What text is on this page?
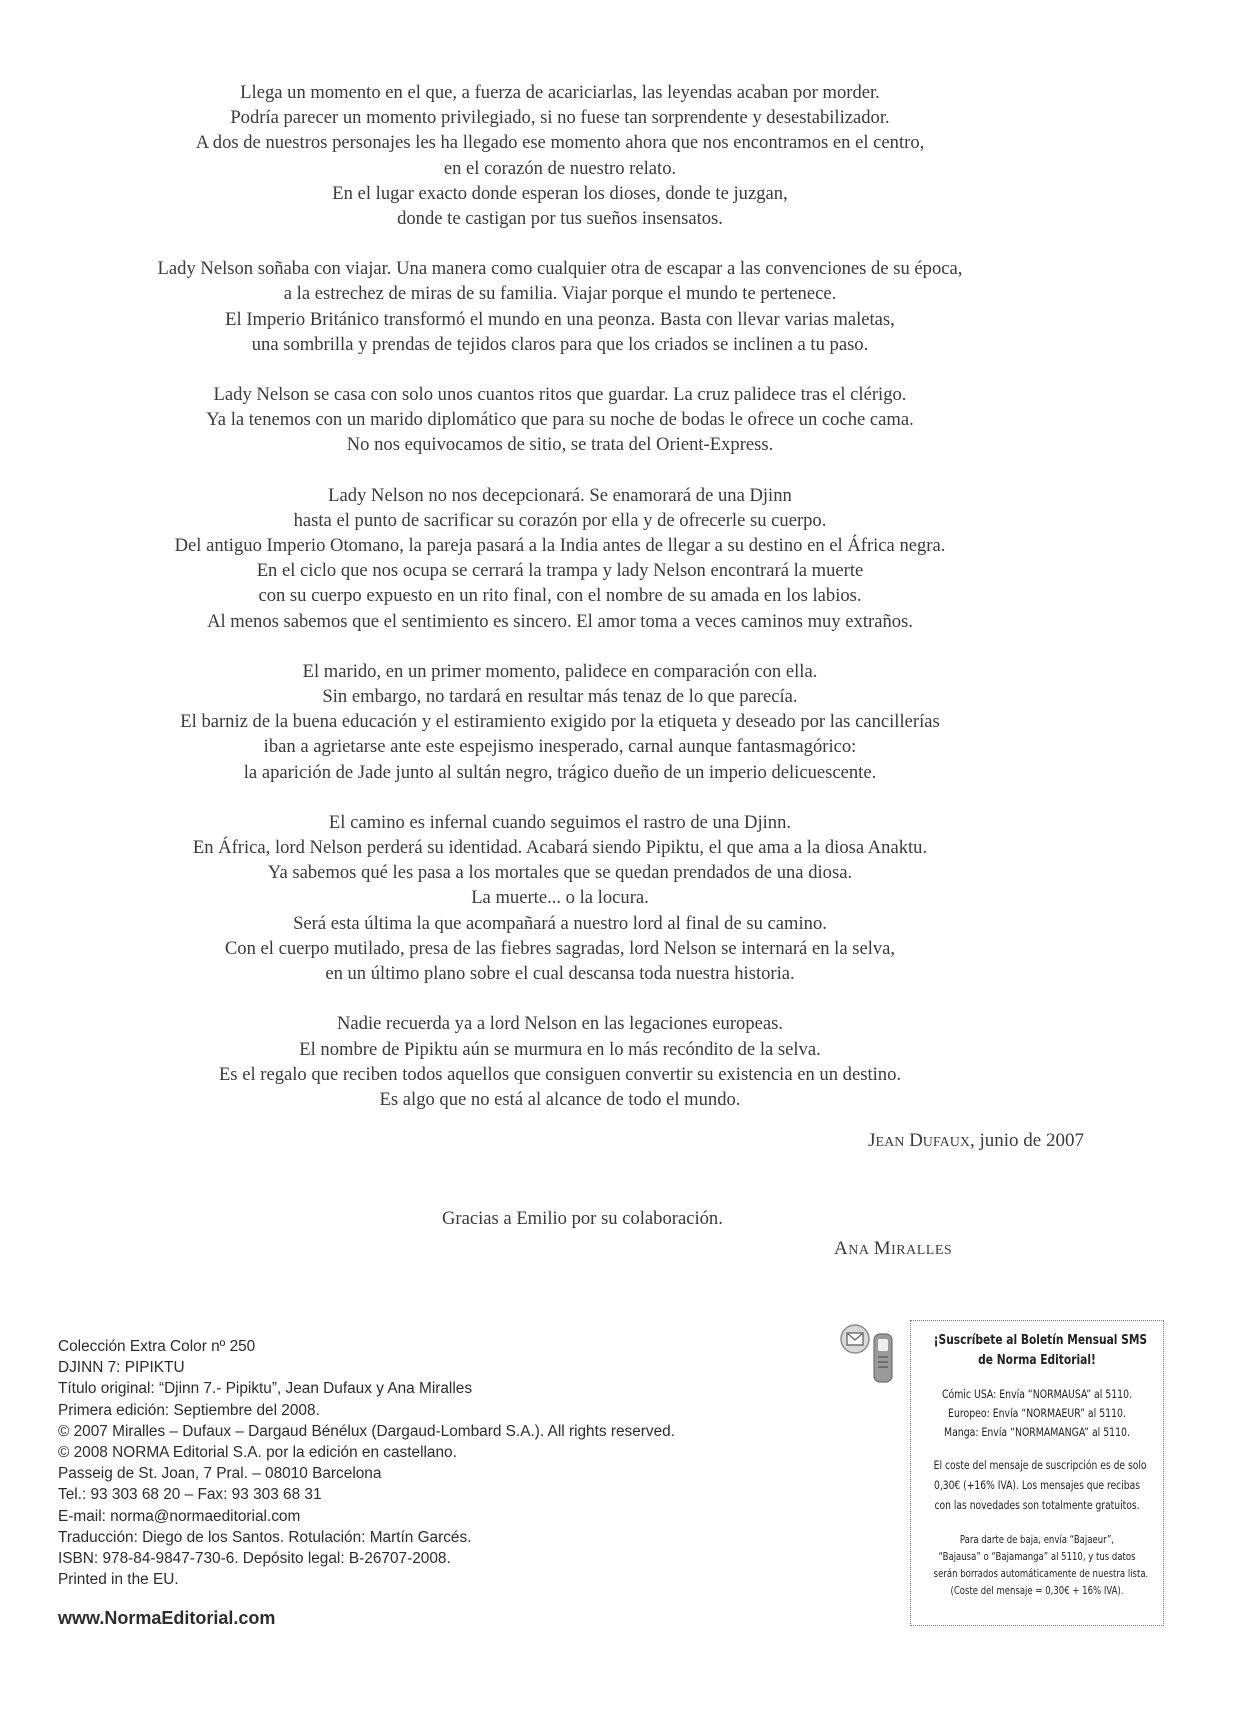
Llega un momento en el que, a fuerza de acariciarlas, las leyendas acaban por morder.
Podría parecer un momento privilegiado, si no fuese tan sorprendente y desestabilizador.
A dos de nuestros personajes les ha llegado ese momento ahora que nos encontramos en el centro,
en el corazón de nuestro relato.
En el lugar exacto donde esperan los dioses, donde te juzgan,
donde te castigan por tus sueños insensatos.
Lady Nelson soñaba con viajar. Una manera como cualquier otra de escapar a las convenciones de su época,
a la estrechez de miras de su familia. Viajar porque el mundo te pertenece.
El Imperio Británico transformó el mundo en una peonza. Basta con llevar varias maletas,
una sombrilla y prendas de tejidos claros para que los criados se inclinen a tu paso.
Lady Nelson se casa con solo unos cuantos ritos que guardar. La cruz palidece tras el clérigo.
Ya la tenemos con un marido diplomático que para su noche de bodas le ofrece un coche cama.
No nos equivocamos de sitio, se trata del Orient-Express.
Lady Nelson no nos decepcionará. Se enamorará de una Djinn
hasta el punto de sacrificar su corazón por ella y de ofrecerle su cuerpo.
Del antiguo Imperio Otomano, la pareja pasará a la India antes de llegar a su destino en el África negra.
En el ciclo que nos ocupa se cerrará la trampa y lady Nelson encontrará la muerte
con su cuerpo expuesto en un rito final, con el nombre de su amada en los labios.
Al menos sabemos que el sentimiento es sincero. El amor toma a veces caminos muy extraños.
El marido, en un primer momento, palidece en comparación con ella.
Sin embargo, no tardará en resultar más tenaz de lo que parecía.
El barniz de la buena educación y el estiramiento exigido por la etiqueta y deseado por las cancillerías
iban a agrietarse ante este espejismo inesperado, carnal aunque fantasmagórico:
la aparición de Jade junto al sultán negro, trágico dueño de un imperio delicuescente.
El camino es infernal cuando seguimos el rastro de una Djinn.
En África, lord Nelson perderá su identidad. Acabará siendo Pipiktu, el que ama a la diosa Anaktu.
Ya sabemos qué les pasa a los mortales que se quedan prendados de una diosa.
La muerte... o la locura.
Será esta última la que acompañará a nuestro lord al final de su camino.
Con el cuerpo mutilado, presa de las fiebres sagradas, lord Nelson se internará en la selva,
en un último plano sobre el cual descansa toda nuestra historia.
Nadie recuerda ya a lord Nelson en las legaciones europeas.
El nombre de Pipiktu aún se murmura en lo más recóndito de la selva.
Es el regalo que reciben todos aquellos que consiguen convertir su existencia en un destino.
Es algo que no está al alcance de todo el mundo.
JEAN DUFAUX, junio de 2007
Gracias a Emilio por su colaboración.
ANA MIRALLES
Colección Extra Color nº 250
DJINN 7: PIPIKTU
Título original: “Djinn 7.- Pipiktu”, Jean Dufaux y Ana Miralles
Primera edición: Septiembre del 2008.
© 2007 Miralles – Dufaux – Dargaud Bénélux (Dargaud-Lombard S.A.). All rights reserved.
© 2008 NORMA Editorial S.A. por la edición en castellano.
Passeig de St. Joan, 7 Pral. – 08010 Barcelona
Tel.: 93 303 68 20 – Fax: 93 303 68 31
E-mail: norma@normaeditorial.com
Traducción: Diego de los Santos. Rotulación: Martín Garcés.
ISBN: 978-84-9847-730-6. Depósito legal: B-26707-2008.
Printed in the EU.
www.NormaEditorial.com
¡Suscríbete al Boletín Mensual SMS
de Norma Editorial!
Cómic USA: Envía “NORMAUSA” al 5110.
Europeo: Envía “NORMAEUR” al 5110.
Manga: Envía “NORMAMANGA” al 5110.
El coste del mensaje de suscripción es de solo
0,30€ (+16% IVA). Los mensajes que recibas
con las novedades son totalmente gratuitos.
Para darte de baja, envía “Bajaeur”,
“Bajausa” o “Bajamanga” al 5110, y tus datos
serán borrados automáticamente de nuestra lista.
(Coste del mensaje = 0,30€ + 16% IVA).
